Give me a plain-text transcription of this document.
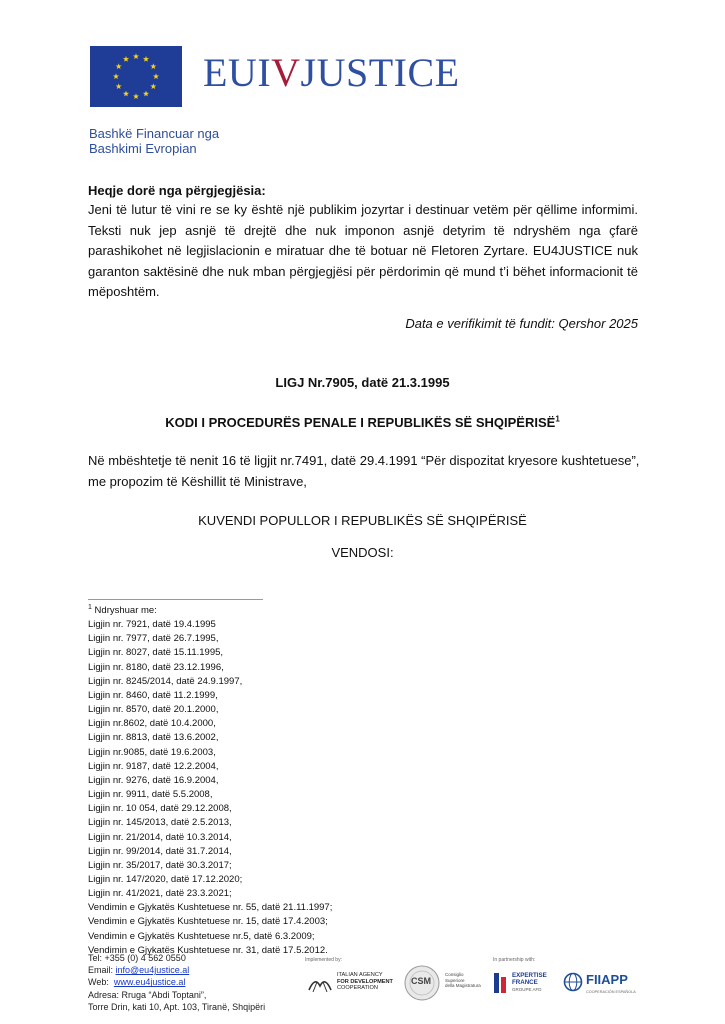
EUIVJUSTICE
Bashkë Financuar nga
Bashkimi Evropian
Heqje dorë nga përgjegjësia:
Jeni të lutur të vini re se ky është një publikim jozyrtar i destinuar vetëm për qëllime informimi. Teksti nuk jep asnjë të drejtë dhe nuk imponon asnjë detyrim të ndryshëm nga çfarë parashikohet në legjislacionin e miratuar dhe të botuar në Fletoren Zyrtare. EU4JUSTICE nuk garanton saktësinë dhe nuk mban përgjegjësi për përdorimin që mund t’i bëhet informacionit të mëposhtëm.
Data e verifikimit të fundit: Qershor 2025
LIGJ Nr.7905, datë 21.3.1995
KODI I PROCEDURËS PENALE I REPUBLIKËS SË SHQIPËRISË$^1$
Në mbështetje të nenit 16 të ligjit nr.7491, datë 29.4.1991 “Për dispozitat kryesore kushtetuese”, me propozim të Këshillit të Ministrave,
KUVENDI POPULLOR I REPUBLIKËS SË SHQIPËRISË
VENDOSI:
$^1$ Ndryshuar me:
Ligjin nr. 7921, datë 19.4.1995
Ligjin nr. 7977, datë 26.7.1995,
Ligjin nr. 8027, datë 15.11.1995,
Ligjin nr. 8180, datë 23.12.1996,
Ligjin nr. 8245/2014, datë 24.9.1997,
Ligjin nr. 8460, datë 11.2.1999,
Ligjin nr. 8570, datë 20.1.2000,
Ligjin nr.8602, datë 10.4.2000,
Ligjin nr. 8813, datë 13.6.2002,
Ligjin nr.9085, datë 19.6.2003,
Ligjin nr. 9187, datë 12.2.2004,
Ligjin nr. 9276, datë 16.9.2004,
Ligjin nr. 9911, datë 5.5.2008,
Ligjin nr. 10 054, datë 29.12.2008,
Ligjin nr. 145/2013, datë 2.5.2013,
Ligjin nr. 21/2014, datë 10.3.2014,
Ligjin nr. 99/2014, datë 31.7.2014,
Ligjin nr. 35/2017, datë 30.3.2017;
Ligjin nr. 147/2020, datë 17.12.2020;
Ligjin nr. 41/2021, datë 23.3.2021;
Vendimin e Gjykatës Kushtetuese nr. 55, datë 21.11.1997;
Vendimin e Gjykatës Kushtetuese nr. 15, datë 17.4.2003;
Vendimin e Gjykatës Kushtetuese nr.5, datë 6.3.2009;
Vendimin e Gjykatës Kushtetuese nr. 31, datë 17.5.2012.
Tel: +355 (0) 4 562 0550
Email: info@eu4justice.al
Web: www.eu4justice.al
Adresa: Rruga “Abdi Toptani”,
Torre Drin, kati 10, Apt. 103, Tiranë, Shqipëri
Implemented by:	In partnership with:
ITALIAN AGENCY
FOR DEVELOPMENT
COOPERATION
CSM
Consiglio
Superiore
della Magistratura
EXPERTISE
FRANCE
GROUPE AFD
FIIAPP
COOPERACIÓN ESPAÑOLA
